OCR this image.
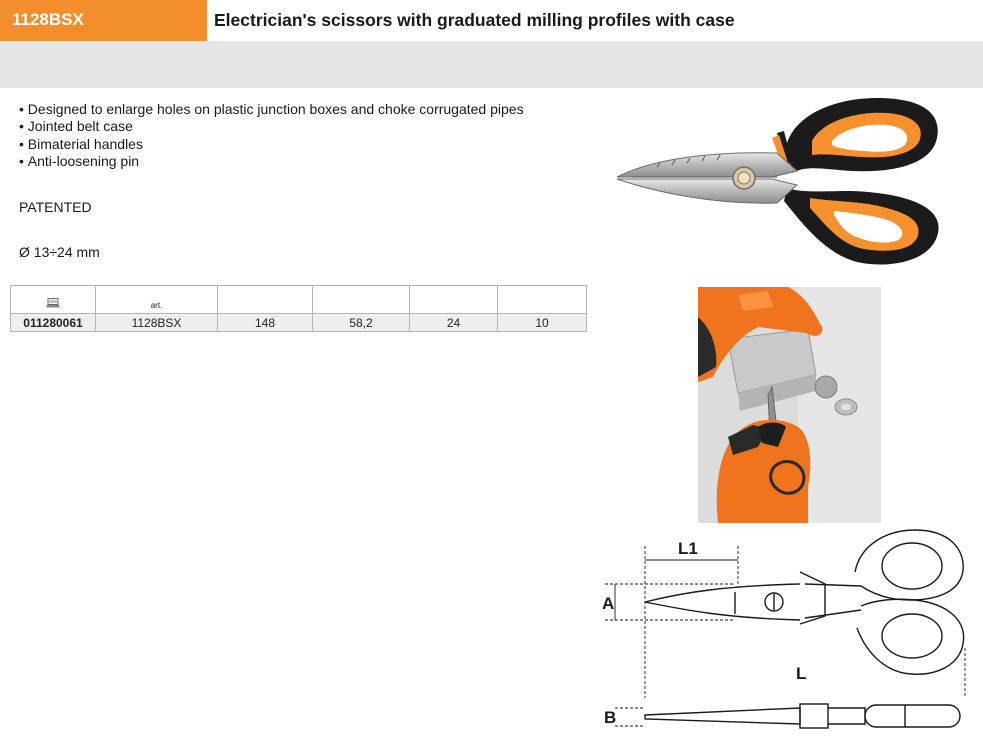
1128BSX	Electrician's scissors with graduated milling profiles with case
• Designed to enlarge holes on plastic junction boxes and choke corrugated pipes
• Jointed belt case
• Bimaterial handles
• Anti-loosening pin
PATENTED
Ø 13÷24 mm
	art.				
011280061	1128BSX	148	58,2	24	10
L1
A
L
B
